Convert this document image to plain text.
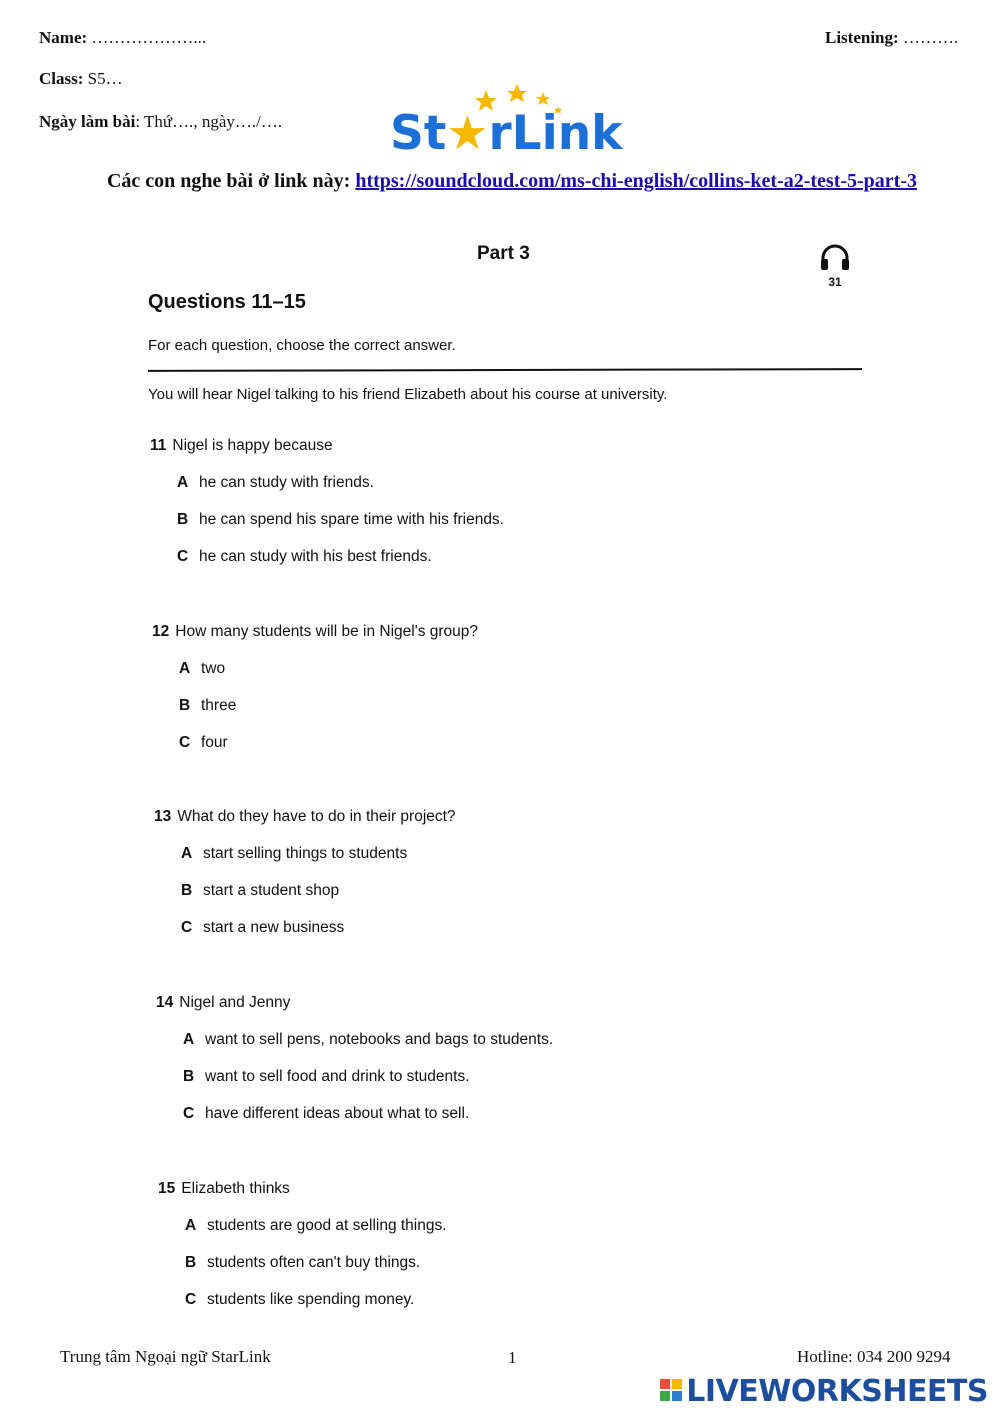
Name: ………………...	Listening: ……….
Class: S5…
Ngày làm bài: Thứ…., ngày…./…. St★rLink
Các con nghe bài ở link này: https://soundcloud.com/ms-chi-english/collins-ket-a2-test-5-part-3
Part 3
31
Questions 11–15
For each question, choose the correct answer.
You will hear Nigel talking to his friend Elizabeth about his course at university.
11 Nigel is happy because
A he can study with friends.
B he can spend his spare time with his friends.
C he can study with his best friends.
12 How many students will be in Nigel's group?
A two
B three
C four
13 What do they have to do in their project?
A start selling things to students
B start a student shop
C start a new business
14 Nigel and Jenny
A want to sell pens, notebooks and bags to students.
B want to sell food and drink to students.
C have different ideas about what to sell.
15 Elizabeth thinks
A students are good at selling things.
B students often can't buy things.
C students like spending money.
Trung tâm Ngoại ngữ StarLink	1	Hotline: 034 200 9294
LIVEWORKSHEETS
